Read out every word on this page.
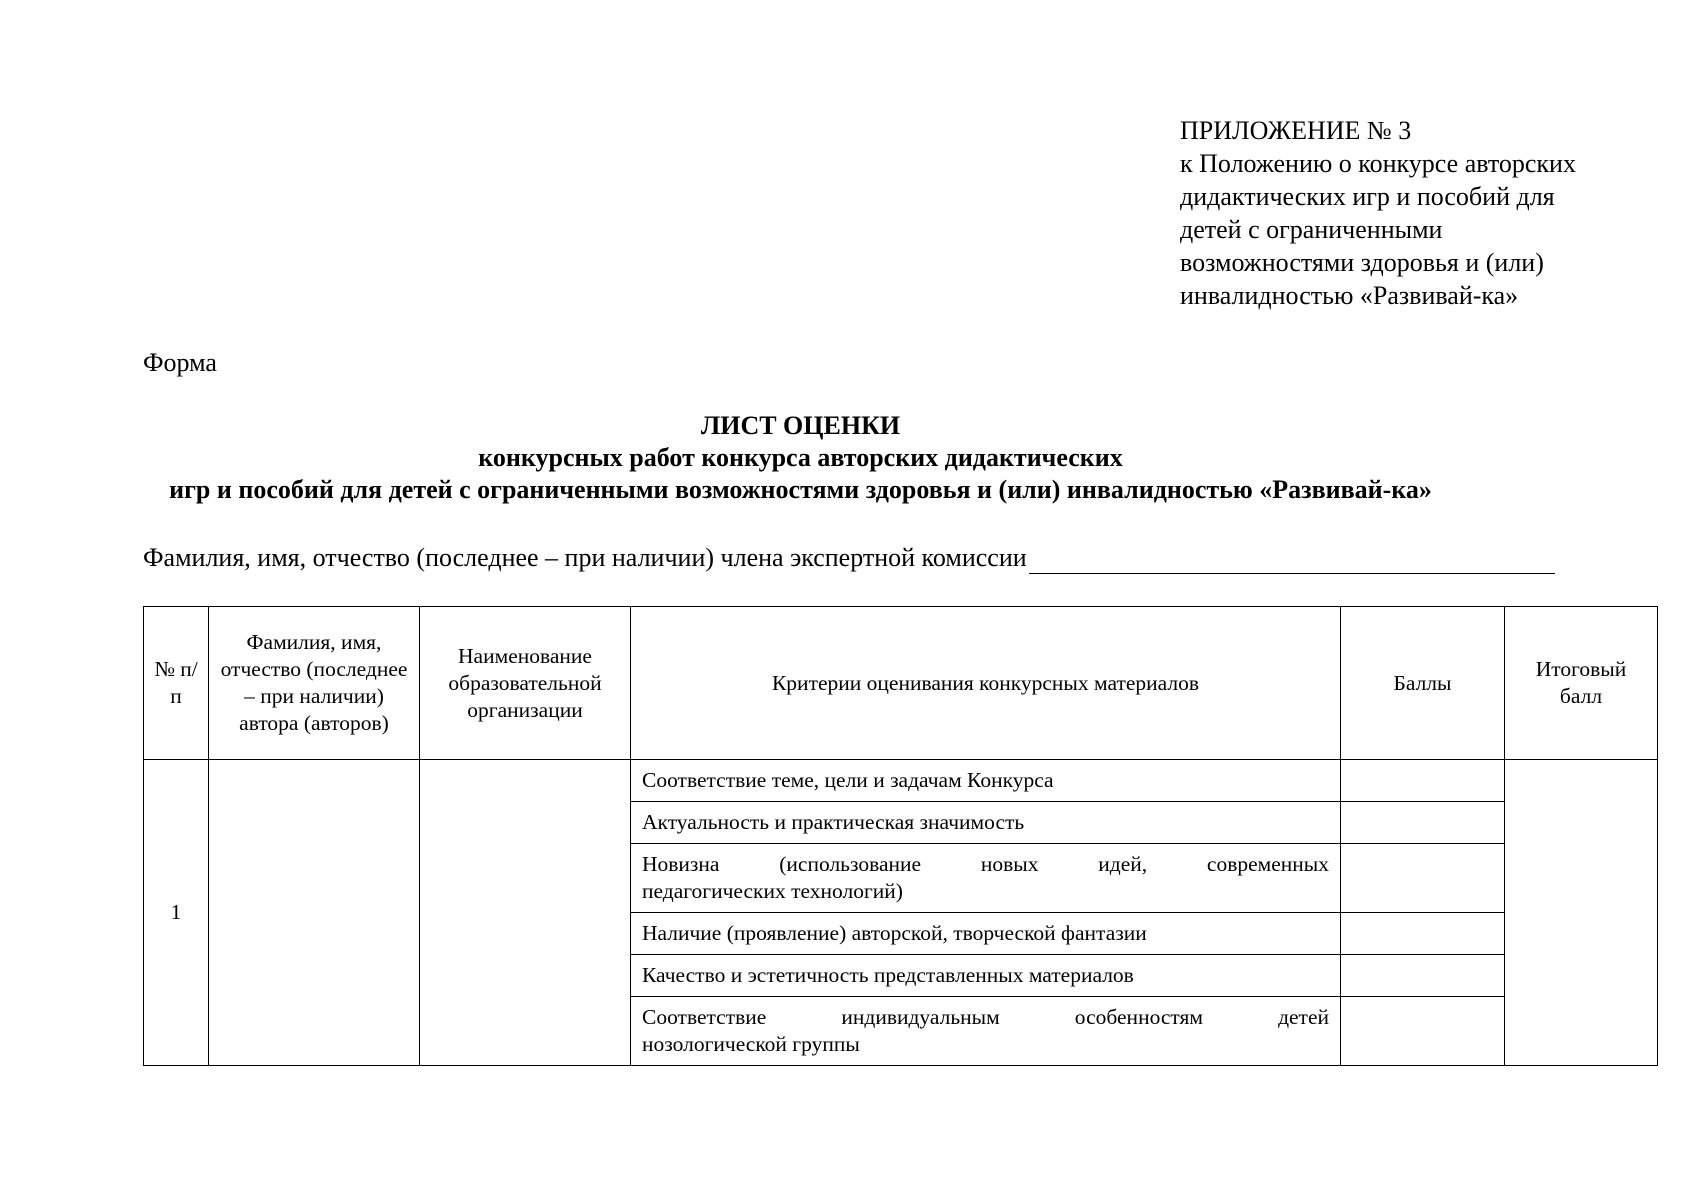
ПРИЛОЖЕНИЕ № 3
к Положению о конкурсе авторских
дидактических игр и пособий для
детей с ограниченными
возможностями здоровья и (или)
инвалидностью «Развивай-ка»
Форма
ЛИСТ ОЦЕНКИ
конкурсных работ конкурса авторских дидактических
игр и пособий для детей с ограниченными возможностями здоровья и (или) инвалидностью «Развивай-ка»
Фамилия, имя, отчество (последнее – при наличии) члена экспертной комиссии
№ п/п	Фамилия, имя, отчество (последнее – при наличии) автора (авторов)	Наименование образовательной организации	Критерии оценивания конкурсных материалов	Баллы	Итоговый балл
1			Соответствие теме, цели и задачам Конкурса		
			Актуальность и практическая значимость		

			Новизна (использование новых идей, современных
педагогических технологий)		
			Наличие (проявление) авторской, творческой фантазии		
			Качество и эстетичность представленных материалов		

			Соответствие индивидуальным особенностям детей
нозологической группы		
